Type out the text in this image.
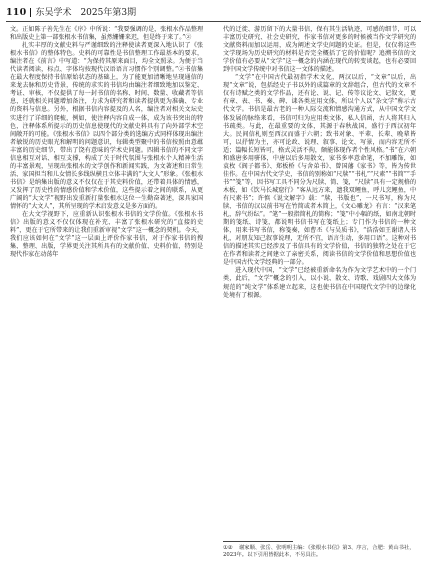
110 东吴学术　2025年第3期

文。正如陈子善先生在《序》中所说：“我要强调的是，张根水作品整理和出版史上第一部张根水书信集，虽然姗姗来迟，但是终于来了。”②

扎实丰厚的文献史料与严谨细致的注释使读者更深入地认识了《张根水书信》的整体特色。史料的可靠性是书信整理工作最基本的要求，编注者在《前言》中写道：“为保持其原来面目，均全文照录。为便于当代读者阅读，标点、字体均按现代汉语语言习惯作个别调整。”②书信集在最大程度保持书信原始状态的基础上，为了能更加清晰地呈现通信的来龙去脉和历史背景，传统的求实的书信均由编注者细致地加以鉴定、考证、审核，不仅提供了每一封书信的名称、时间、数量、收藏者等信息，还就相关问题增加备注，力求为研究者和读者提供更为准确、专业的资料与信息。另外，根据书信内容提及的人名，编注者对相关文坛史实进行了详细的爬梳，例如，使注释内容自成一体，成为该书突出的特色，注释体系所提示的历史信息使现代的文献史料具有了向外部学术空间敞开的可能。《张根水书信》以四个部分类的选编方式同样体现出编注者敏锐的历史眼光和解明的问题意识，每辑类型聚中的书信按照由意蕴丰富的历史细节，带出了饶有意味的学术史问题。四辑书信的不同文字信息相互对话、相互支撑，构成了关于时代氛围与张根水个人精神生活的丰富景观，呈现出张根水的文学创作和新闻实践，为文著述和日常生活、家国担当和儿女情长多线纵横且立体丰满的“大文人”形象。《张根水书信》是纳集出版的意义不仅仅在于其史料价值，还带着具体的情感，又发挥了历史性的情感价值和学术价值，这些提示着之间的联系，从更广阔的“大文学”视野出发重新打量张根水这位一生勤奋著述，深具家国情怀的“大文人”，其所呈现的学术启发意义是多方面的。

在大文学视野下，应重新认识张根水书信的文学价值。《张根水书信》出版的意义不仅仅体现在补充、丰富了张根水研究的“直接的史料”，更在于它所带来的让我们重新审视“文学”这一概念的契机。今天，我们应该如何在“文学”这一层面上评价作家书信，对于作家书信的搜集、整理、出版，学界更关注其所具有的文献价值、史料价值，特别是现代作家在动荡年

代的迁徙、游历留下的大量书信，保有其生活轨迹，可感的细节，可以丰富历史研究、社会史研究，作家书信对更多的时候被当作文学研究的文献资料而加以运用，成为阐述文学史问题的史证。但是，仅仅将这些文学现场为历史研究的材料是否完全概括了它的价值呢？追溯书信的文学价值有必要从“文学”这一概念的内涵在现代的转变谈起，也有必要回到中国文学传统中对书信这一文体的描述。

“文学”在中国古代最初指学术文化，两汉以后，“文章”以后，出现“文章”说，包括经史子书以外的成篇章的文辞组合，但古代的文章不仅有诗赋之类的文学作品，还有论、说、记、传等议论文、记叙文，更有章、表、书、奏、碑、诔各类应用文体，所以个人以“杂文学”称示古代文学。书信是最古老的一种人际交流和情感沟通方式，从中国文学文体发展的脉络来看，书信可归为应用类文体，私人信函，古人将其归入书疏类。与此，在最重要的文体，其源于春秋战国，盛行于西汉初年大。民间信札则至西汉而盛于六朝；致书对象、平辈、长辈、晚辈皆可，以抒情为主，亦可论政、说理、叙事、论文、写景，而内容无所不适；篇幅长短皆可，格式灵活不拘，颇能体现作者个性风格。”书“在六朝和盛唐多用骈体，中唐以后多用散文，家书多率意命笔，不加雕饰，如袁枚《阆子都书》、郑板桥《与舍弟书》、曾国藩《家书》等，皆为传世佳作。在中国古代文学史，书信的别称如“尺牍”“书札”“尺素”“书简”“手书”“笺”等，因书写工具不同分为尺牍、简、笺，“尺牍”具有一定规格的木板，如《饮马长城窟行》“客从远方来，遗我双鲤鱼，呼儿烹鲤鱼，中有尺素书”；许慎《说文解字》载：“牍，书版也”，一尺书写，称为尺牍、书信的汉以前书写在竹简或者木简上，《文心雕龙》有言：“汉来笔札，辞气纷纭”。“笔”一般指简札的简称；“笺”中小幅的纸，如南北朝时期的笺纸、诗笺，都说明书信书写在笺纸上；专门作为书信的一种文体，用来书写书信，称笺奏，如曹丕《与吴质书》，“浩浩如王谢诸人书札，对朋友知己叙事说理，无所不宜，语言生动，多用口语”。这种对书信的描述其实已经涉及了书信具有的文学价值，书信的独特之处在于它在作者和读者之间建立了亲密关系，阅读书信的文学价值和思想价值也是中国古代文学经典的一部分。

进入现代中国，“文学”已经被重新命名为作为文学艺术中的一个门类，此后，“文学”概念的引入，以小说、散文、诗歌、戏剧四大文体为规范的“纯文学”体系建立起来，这也使书信在中国现代文学中的边缘化处境有了根源。

①② 谢家顺、张岳、张明明主编：《张根水书信》第3、序言，合肥：黄山书社，2023年。以下引用皆据此本，不另具注。
